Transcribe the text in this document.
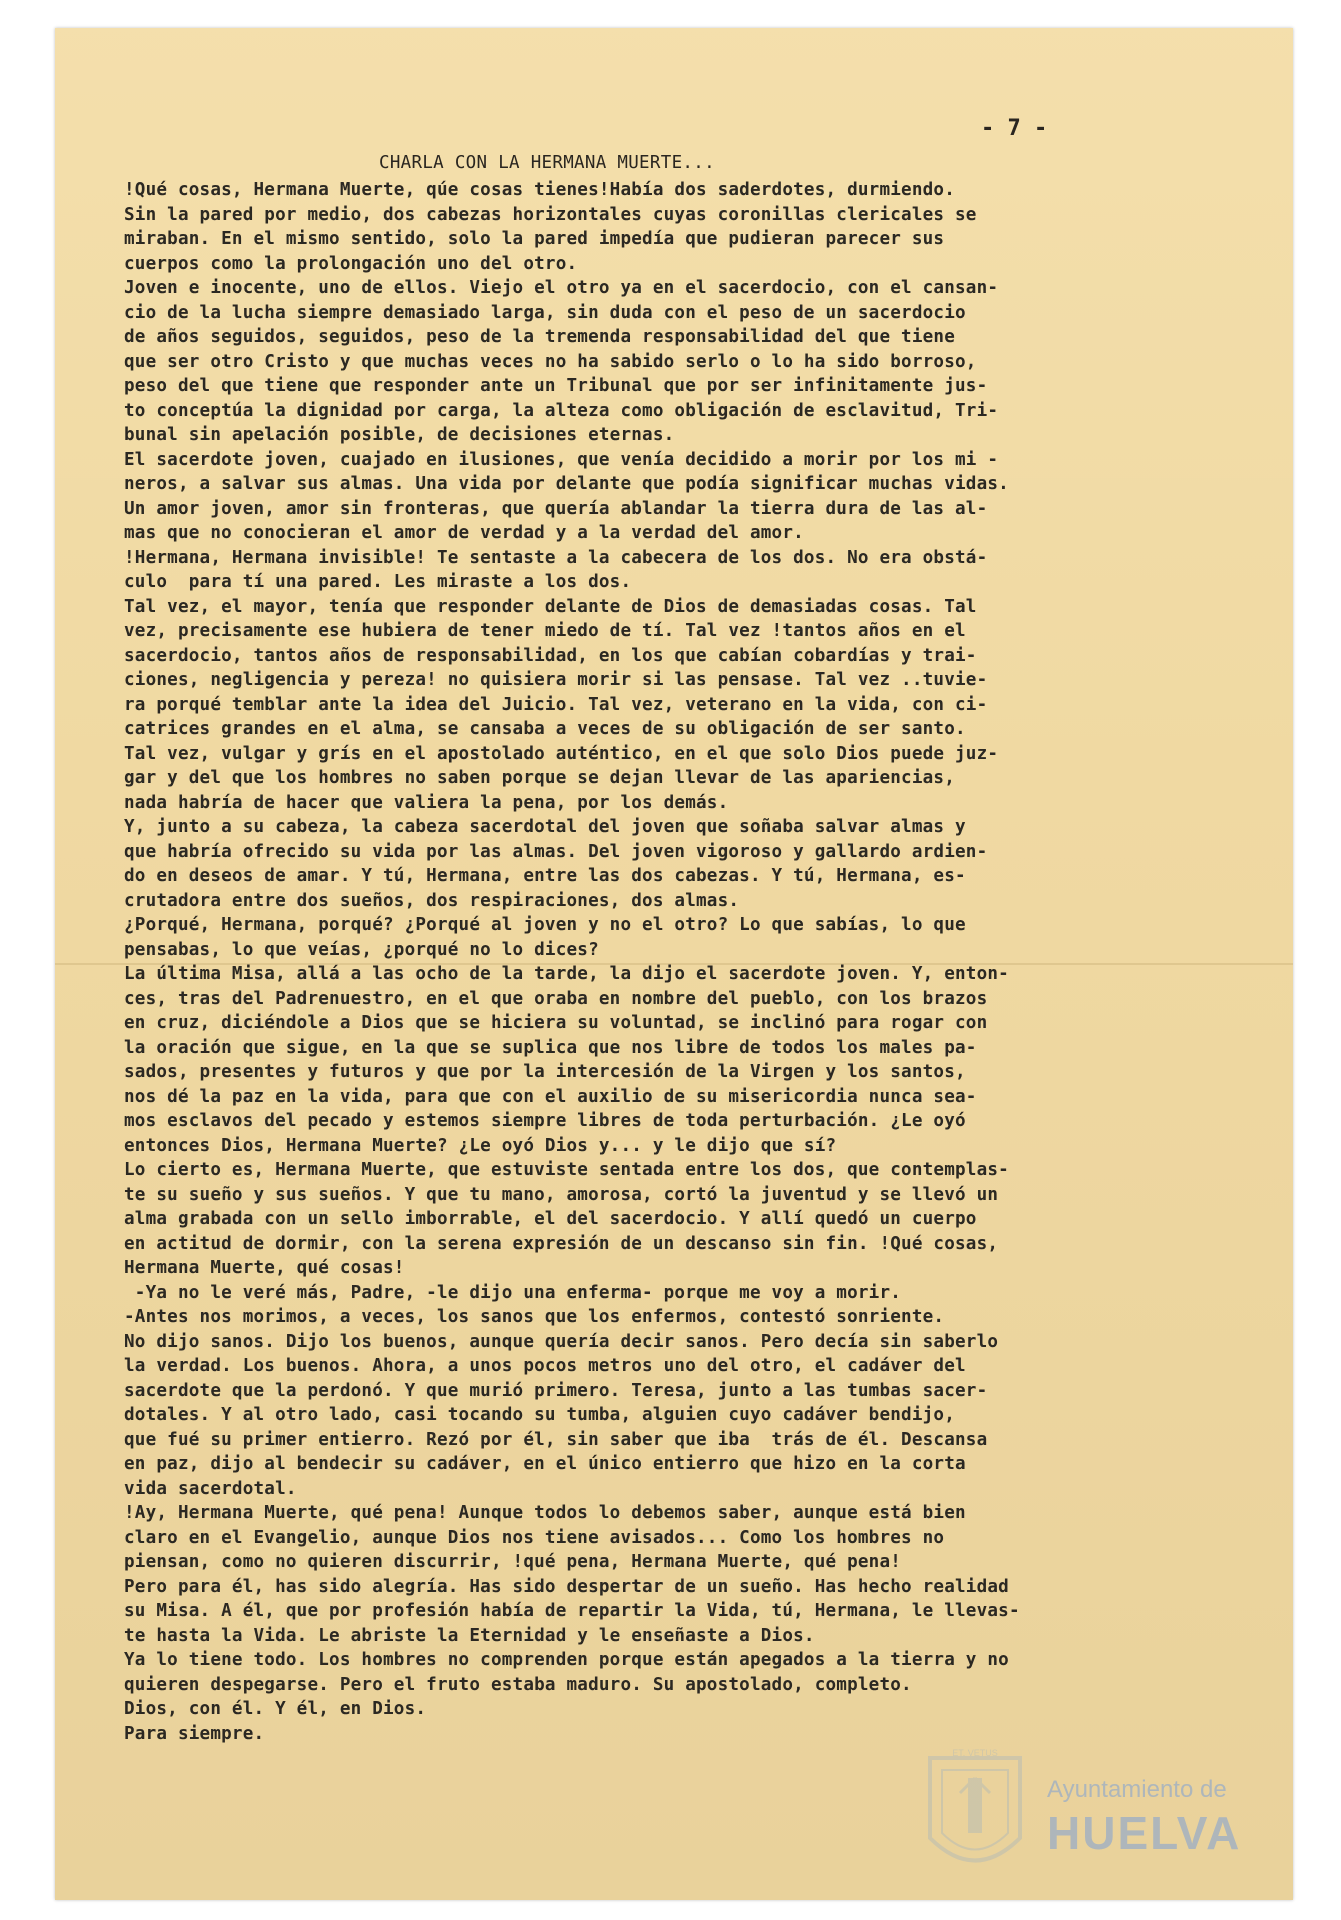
- 7 -
CHARLA CON LA HERMANA MUERTE...
!Qué cosas, Hermana Muerte, qúe cosas tienes!Había dos saderdotes, durmiendo.
Sin la pared por medio, dos cabezas horizontales cuyas coronillas clericales se
miraban. En el mismo sentido, solo la pared impedía que pudieran parecer sus
cuerpos como la prolongación uno del otro.
Joven e inocente, uno de ellos. Viejo el otro ya en el sacerdocio, con el cansan-
cio de la lucha siempre demasiado larga, sin duda con el peso de un sacerdocio
de años seguidos, seguidos, peso de la tremenda responsabilidad del que tiene
que ser otro Cristo y que muchas veces no ha sabido serlo o lo ha sido borroso,
peso del que tiene que responder ante un Tribunal que por ser infinitamente jus-
to conceptúa la dignidad por carga, la alteza como obligación de esclavitud, Tri-
bunal sin apelación posible, de decisiones eternas.
El sacerdote joven, cuajado en ilusiones, que venía decidido a morir por los mi -
neros, a salvar sus almas. Una vida por delante que podía significar muchas vidas.
Un amor joven, amor sin fronteras, que quería ablandar la tierra dura de las al-
mas que no conocieran el amor de verdad y a la verdad del amor.
!Hermana, Hermana invisible! Te sentaste a la cabecera de los dos. No era obstá-
culo  para tí una pared. Les miraste a los dos.
Tal vez, el mayor, tenía que responder delante de Dios de demasiadas cosas. Tal
vez, precisamente ese hubiera de tener miedo de tí. Tal vez !tantos años en el
sacerdocio, tantos años de responsabilidad, en los que cabían cobardías y trai-
ciones, negligencia y pereza! no quisiera morir si las pensase. Tal vez ..tuvie-
ra porqué temblar ante la idea del Juicio. Tal vez, veterano en la vida, con ci-
catrices grandes en el alma, se cansaba a veces de su obligación de ser santo.
Tal vez, vulgar y grís en el apostolado auténtico, en el que solo Dios puede juz-
gar y del que los hombres no saben porque se dejan llevar de las apariencias,
nada habría de hacer que valiera la pena, por los demás.
Y, junto a su cabeza, la cabeza sacerdotal del joven que soñaba salvar almas y
que habría ofrecido su vida por las almas. Del joven vigoroso y gallardo ardien-
do en deseos de amar. Y tú, Hermana, entre las dos cabezas. Y tú, Hermana, es-
crutadora entre dos sueños, dos respiraciones, dos almas.
¿Porqué, Hermana, porqué? ¿Porqué al joven y no el otro? Lo que sabías, lo que
pensabas, lo que veías, ¿porqué no lo dices?
La última Misa, allá a las ocho de la tarde, la dijo el sacerdote joven. Y, enton-
ces, tras del Padrenuestro, en el que oraba en nombre del pueblo, con los brazos
en cruz, diciéndole a Dios que se hiciera su voluntad, se inclinó para rogar con
la oración que sigue, en la que se suplica que nos libre de todos los males pa-
sados, presentes y futuros y que por la intercesión de la Virgen y los santos,
nos dé la paz en la vida, para que con el auxilio de su misericordia nunca sea-
mos esclavos del pecado y estemos siempre libres de toda perturbación. ¿Le oyó
entonces Dios, Hermana Muerte? ¿Le oyó Dios y... y le dijo que sí?
Lo cierto es, Hermana Muerte, que estuviste sentada entre los dos, que contemplas-
te su sueño y sus sueños. Y que tu mano, amorosa, cortó la juventud y se llevó un
alma grabada con un sello imborrable, el del sacerdocio. Y allí quedó un cuerpo
en actitud de dormir, con la serena expresión de un descanso sin fin. !Qué cosas,
Hermana Muerte, qué cosas!
-Ya no le veré más, Padre, -le dijo una enferma- porque me voy a morir.
-Antes nos morimos, a veces, los sanos que los enfermos, contestó sonriente.
No dijo sanos. Dijo los buenos, aunque quería decir sanos. Pero decía sin saberlo
la verdad. Los buenos. Ahora, a unos pocos metros uno del otro, el cadáver del
sacerdote que la perdonó. Y que murió primero. Teresa, junto a las tumbas sacer-
dotales. Y al otro lado, casi tocando su tumba, alguien cuyo cadáver bendijo,
que fué su primer entierro. Rezó por él, sin saber que iba  trás de él. Descansa
en paz, dijo al bendecir su cadáver, en el único entierro que hizo en la corta
vida sacerdotal.
!Ay, Hermana Muerte, qué pena! Aunque todos lo debemos saber, aunque está bien
claro en el Evangelio, aunque Dios nos tiene avisados... Como los hombres no
piensan, como no quieren discurrir, !qué pena, Hermana Muerte, qué pena!
Pero para él, has sido alegría. Has sido despertar de un sueño. Has hecho realidad
su Misa. A él, que por profesión había de repartir la Vida, tú, Hermana, le llevas-
te hasta la Vida. Le abriste la Eternidad y le enseñaste a Dios.
Ya lo tiene todo. Los hombres no comprenden porque están apegados a la tierra y no
quieren despegarse. Pero el fruto estaba maduro. Su apostolado, completo.
Dios, con él. Y él, en Dios.
Para siempre.
ET. VETUS
Ayuntamiento de
HUELVA
